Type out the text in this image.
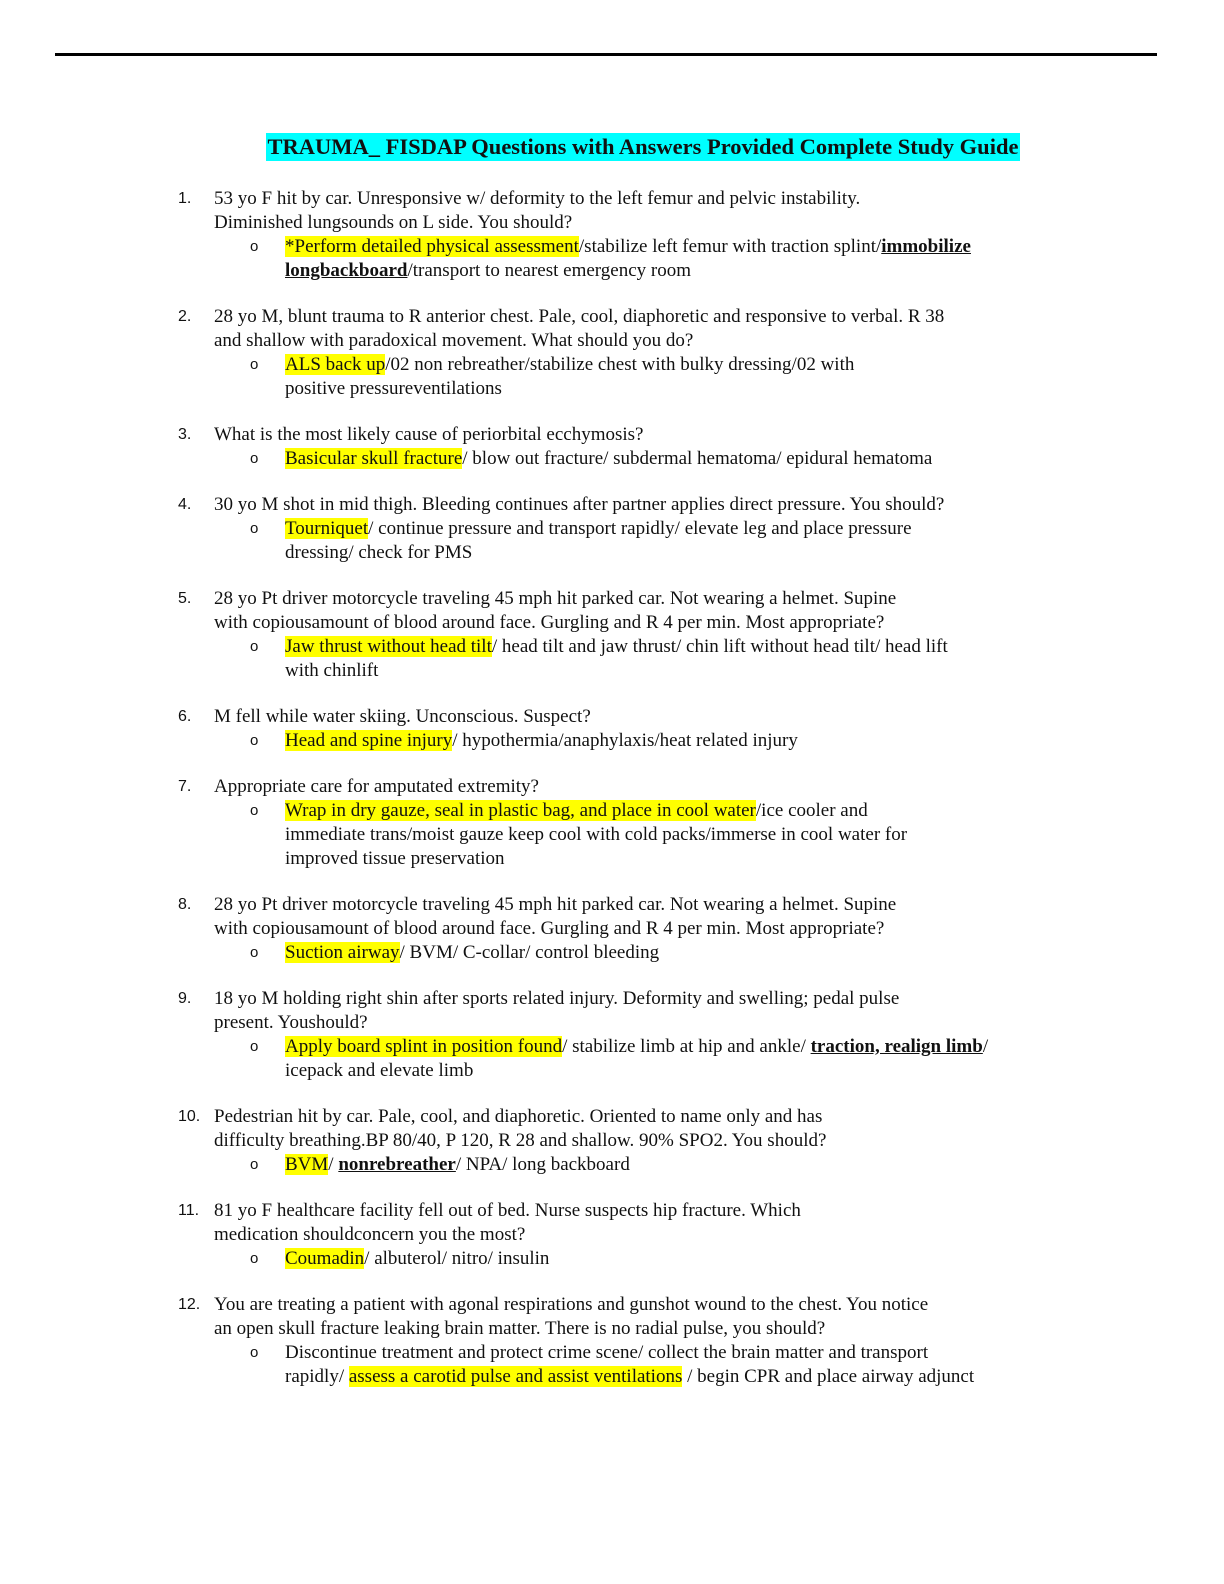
TRAUMA_ FISDAP Questions with Answers Provided Complete Study Guide
1.	53 yo F hit by car. Unresponsive w/ deformity to the left femur and pelvic instability.
Diminished lungsounds on L side. You should?
o	*Perform detailed physical assessment/stabilize left femur with traction splint/immobilize
longbackboard/transport to nearest emergency room
2.	28 yo M, blunt trauma to R anterior chest. Pale, cool, diaphoretic and responsive to verbal. R 38
and shallow with paradoxical movement. What should you do?
o	ALS back up/02 non rebreather/stabilize chest with bulky dressing/02 with
positive pressureventilations
3.	What is the most likely cause of periorbital ecchymosis?
o	Basicular skull fracture/ blow out fracture/ subdermal hematoma/ epidural hematoma
4.	30 yo M shot in mid thigh. Bleeding continues after partner applies direct pressure. You should?
o	Tourniquet/ continue pressure and transport rapidly/ elevate leg and place pressure
dressing/ check for PMS
5.	28 yo Pt driver motorcycle traveling 45 mph hit parked car. Not wearing a helmet. Supine
with copiousamount of blood around face. Gurgling and R 4 per min. Most appropriate?
o	Jaw thrust without head tilt/ head tilt and jaw thrust/ chin lift without head tilt/ head lift
with chinlift
6.	M fell while water skiing. Unconscious. Suspect?
o	Head and spine injury/ hypothermia/anaphylaxis/heat related injury
7.	Appropriate care for amputated extremity?
o	Wrap in dry gauze, seal in plastic bag, and place in cool water/ice cooler and
immediate trans/moist gauze keep cool with cold packs/immerse in cool water for
improved tissue preservation
8.	28 yo Pt driver motorcycle traveling 45 mph hit parked car. Not wearing a helmet. Supine
with copiousamount of blood around face. Gurgling and R 4 per min. Most appropriate?
o	Suction airway/ BVM/ C-collar/ control bleeding
9.	18 yo M holding right shin after sports related injury. Deformity and swelling; pedal pulse
present. Youshould?
o	Apply board splint in position found/ stabilize limb at hip and ankle/ traction, realign limb/
icepack and elevate limb
10. Pedestrian hit by car. Pale, cool, and diaphoretic. Oriented to name only and has
difficulty breathing.BP 80/40, P 120, R 28 and shallow. 90% SPO2. You should?
o	BVM/ nonrebreather/ NPA/ long backboard
11. 81 yo F healthcare facility fell out of bed. Nurse suspects hip fracture. Which
medication shouldconcern you the most?
o	Coumadin/ albuterol/ nitro/ insulin
12. You are treating a patient with agonal respirations and gunshot wound to the chest. You notice
an open skull fracture leaking brain matter. There is no radial pulse, you should?
o	Discontinue treatment and protect crime scene/ collect the brain matter and transport
rapidly/ assess a carotid pulse and assist ventilations / begin CPR and place airway adjunct
